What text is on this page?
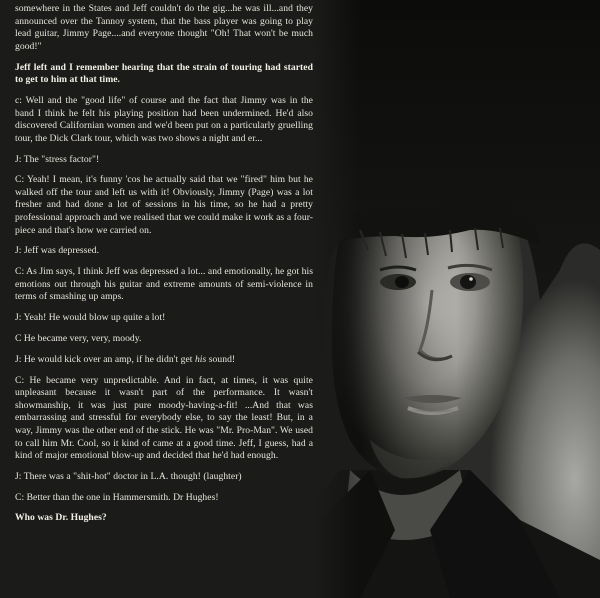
somewhere in the States and Jeff couldn't do the gig...he was ill...and they announced over the Tannoy system, that the bass player was going to play lead guitar, Jimmy Page....and everyone thought "Oh! That won't be much good!"

Jeff left and I remember hearing that the strain of touring had started to get to him at that time.

c: Well and the "good life" of course and the fact that Jimmy was in the band I think he felt his playing position had been undermined. He'd also discovered Californian women and we'd been put on a particularly gruelling tour, the Dick Clark tour, which was two shows a night and er...

J: The "stress factor"!

C: Yeah! I mean, it's funny 'cos he actually said that we "fired" him but he walked off the tour and left us with it! Obviously, Jimmy (Page) was a lot fresher and had done a lot of sessions in his time, so he had a pretty professional approach and we realised that we could make it work as a four-piece and that's how we carried on.

J: Jeff was depressed.

C: As Jim says, I think Jeff was depressed a lot... and emotionally, he got his emotions out through his guitar and extreme amounts of semi-violence in terms of smashing up amps.

J: Yeah! He would blow up quite a lot!

C He became very, very, moody.

J: He would kick over an amp, if he didn't get his sound!

C: He became very unpredictable. And in fact, at times, it was quite unpleasant because it wasn't part of the performance. It wasn't showmanship, it was just pure moody-having-a-fit! ...And that was embarrassing and stressful for everybody else, to say the least! But, in a way, Jimmy was the other end of the stick. He was "Mr. Pro-Man". We used to call him Mr. Cool, so it kind of came at a good time. Jeff, I guess, had a kind of major emotional blow-up and decided that he'd had enough.

J: There was a "shit-hot" doctor in L.A. though! (laughter)

C: Better than the one in Hammersmith. Dr Hughes!

Who was Dr. Hughes?
